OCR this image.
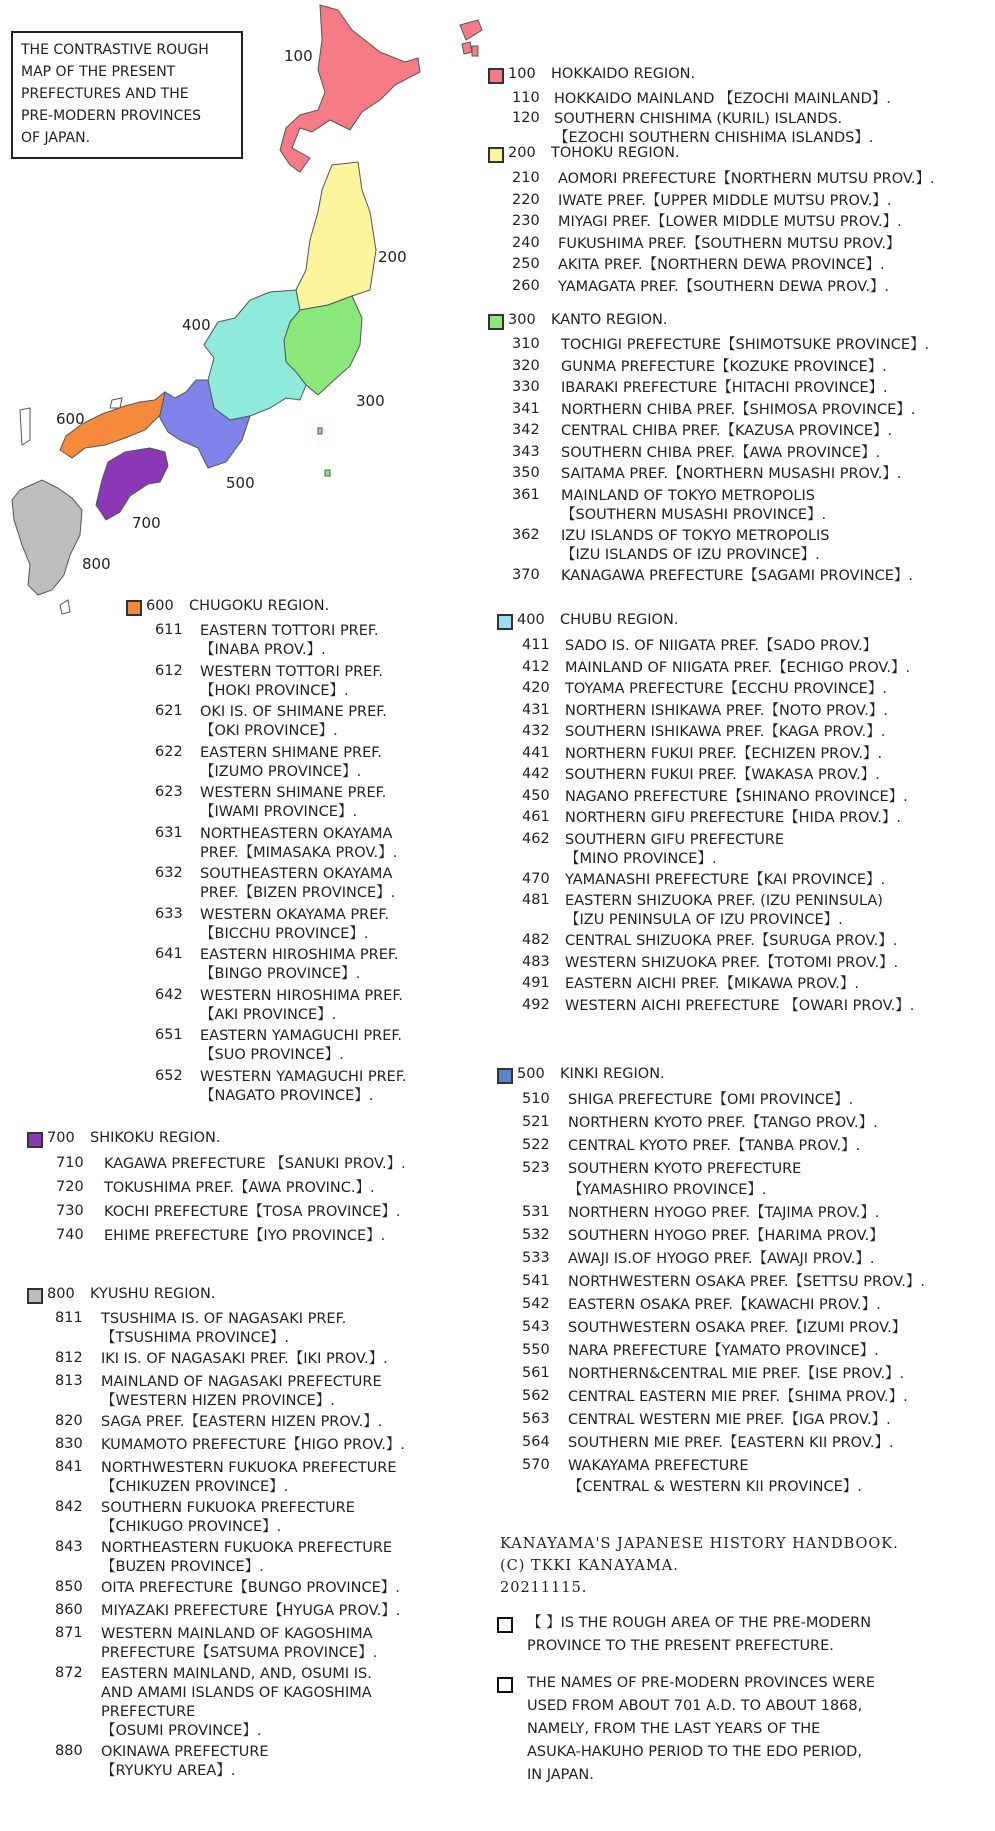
100
200
300
400
500
600
700
800
THE CONTRASTIVE ROUGH
MAP OF THE PRESENT
PREFECTURES AND THE
PRE-MODERN PROVINCES
OF JAPAN.
100 HOKKAIDO REGION.
110 HOKKAIDO MAINLAND 【EZOCHI MAINLAND】.
120 SOUTHERN CHISHIMA (KURIL) ISLANDS.
【EZOCHI SOUTHERN CHISHIMA ISLANDS】.
200 TOHOKU REGION.
210 AOMORI PREFECTURE【NORTHERN MUTSU PROV.】.
220 IWATE PREF.【UPPER MIDDLE MUTSU PROV.】.
230 MIYAGI PREF.【LOWER MIDDLE MUTSU PROV.】.
240 FUKUSHIMA PREF.【SOUTHERN MUTSU PROV.】
250 AKITA PREF.【NORTHERN DEWA PROVINCE】.
260 YAMAGATA PREF.【SOUTHERN DEWA PROV.】.
300 KANTO REGION.
310 TOCHIGI PREFECTURE【SHIMOTSUKE PROVINCE】.
320 GUNMA PREFECTURE【KOZUKE PROVINCE】.
330 IBARAKI PREFECTURE【HITACHI PROVINCE】.
341 NORTHERN CHIBA PREF.【SHIMOSA PROVINCE】.
342 CENTRAL CHIBA PREF.【KAZUSA PROVINCE】.
343 SOUTHERN CHIBA PREF.【AWA PROVINCE】.
350 SAITAMA PREF.【NORTHERN MUSASHI PROV.】.
361 MAINLAND OF TOKYO METROPOLIS
【SOUTHERN MUSASHI PROVINCE】.
362 IZU ISLANDS OF TOKYO METROPOLIS
【IZU ISLANDS OF IZU PROVINCE】.
370 KANAGAWA PREFECTURE【SAGAMI PROVINCE】.
400 CHUBU REGION.
411 SADO IS. OF NIIGATA PREF.【SADO PROV.】
412 MAINLAND OF NIIGATA PREF.【ECHIGO PROV.】.
420 TOYAMA PREFECTURE【ECCHU PROVINCE】.
431 NORTHERN ISHIKAWA PREF.【NOTO PROV.】.
432 SOUTHERN ISHIKAWA PREF.【KAGA PROV.】.
441 NORTHERN FUKUI PREF.【ECHIZEN PROV.】.
442 SOUTHERN FUKUI PREF.【WAKASA PROV.】.
450 NAGANO PREFECTURE【SHINANO PROVINCE】.
461 NORTHERN GIFU PREFECTURE【HIDA PROV.】.
462 SOUTHERN GIFU PREFECTURE
【MINO PROVINCE】.
470 YAMANASHI PREFECTURE【KAI PROVINCE】.
481 EASTERN SHIZUOKA PREF. (IZU PENINSULA)
【IZU PENINSULA OF IZU PROVINCE】.
482 CENTRAL SHIZUOKA PREF.【SURUGA PROV.】.
483 WESTERN SHIZUOKA PREF.【TOTOMI PROV.】.
491 EASTERN AICHI PREF.【MIKAWA PROV.】.
492 WESTERN AICHI PREFECTURE 【OWARI PROV.】.
500 KINKI REGION.
510 SHIGA PREFECTURE【OMI PROVINCE】.
521 NORTHERN KYOTO PREF.【TANGO PROV.】.
522 CENTRAL KYOTO PREF.【TANBA PROV.】.
523 SOUTHERN KYOTO PREFECTURE
【YAMASHIRO PROVINCE】.
531 NORTHERN HYOGO PREF.【TAJIMA PROV.】.
532 SOUTHERN HYOGO PREF.【HARIMA PROV.】
533 AWAJI IS.OF HYOGO PREF.【AWAJI PROV.】.
541 NORTHWESTERN OSAKA PREF.【SETTSU PROV.】.
542 EASTERN OSAKA PREF.【KAWACHI PROV.】.
543 SOUTHWESTERN OSAKA PREF.【IZUMI PROV.】
550 NARA PREFECTURE【YAMATO PROVINCE】.
561 NORTHERN&CENTRAL MIE PREF.【ISE PROV.】.
562 CENTRAL EASTERN MIE PREF.【SHIMA PROV.】.
563 CENTRAL WESTERN MIE PREF.【IGA PROV.】.
564 SOUTHERN MIE PREF.【EASTERN KII PROV.】.
570 WAKAYAMA PREFECTURE
【CENTRAL & WESTERN KII PROVINCE】.
600 CHUGOKU REGION.
611 EASTERN TOTTORI PREF.
【INABA PROV.】.
612 WESTERN TOTTORI PREF.
【HOKI PROVINCE】.
621 OKI IS. OF SHIMANE PREF.
【OKI PROVINCE】.
622 EASTERN SHIMANE PREF.
【IZUMO PROVINCE】.
623 WESTERN SHIMANE PREF.
【IWAMI PROVINCE】.
631 NORTHEASTERN OKAYAMA
PREF.【MIMASAKA PROV.】.
632 SOUTHEASTERN OKAYAMA
PREF.【BIZEN PROVINCE】.
633 WESTERN OKAYAMA PREF.
【BICCHU PROVINCE】.
641 EASTERN HIROSHIMA PREF.
【BINGO PROVINCE】.
642 WESTERN HIROSHIMA PREF.
【AKI PROVINCE】.
651 EASTERN YAMAGUCHI PREF.
【SUO PROVINCE】.
652 WESTERN YAMAGUCHI PREF.
【NAGATO PROVINCE】.
700 SHIKOKU REGION.
710 KAGAWA PREFECTURE 【SANUKI PROV.】.
720 TOKUSHIMA PREF.【AWA PROVINC.】.
730 KOCHI PREFECTURE【TOSA PROVINCE】.
740 EHIME PREFECTURE【IYO PROVINCE】.
800 KYUSHU REGION.
811 TSUSHIMA IS. OF NAGASAKI PREF.
【TSUSHIMA PROVINCE】.
812 IKI IS. OF NAGASAKI PREF.【IKI PROV.】.
813 MAINLAND OF NAGASAKI PREFECTURE
【WESTERN HIZEN PROVINCE】.
820 SAGA PREF.【EASTERN HIZEN PROV.】.
830 KUMAMOTO PREFECTURE【HIGO PROV.】.
841 NORTHWESTERN FUKUOKA PREFECTURE
【CHIKUZEN PROVINCE】.
842 SOUTHERN FUKUOKA PREFECTURE
【CHIKUGO PROVINCE】.
843 NORTHEASTERN FUKUOKA PREFECTURE
【BUZEN PROVINCE】.
850 OITA PREFECTURE【BUNGO PROVINCE】.
860 MIYAZAKI PREFECTURE【HYUGA PROV.】.
871 WESTERN MAINLAND OF KAGOSHIMA
PREFECTURE【SATSUMA PROVINCE】.
872 EASTERN MAINLAND, AND, OSUMI IS.
AND AMAMI ISLANDS OF KAGOSHIMA
PREFECTURE
【OSUMI PROVINCE】.
880 OKINAWA PREFECTURE
【RYUKYU AREA】.
KANAYAMA'S JAPANESE HISTORY HANDBOOK.
(C) TKKI KANAYAMA.
20211115.
【 】IS THE ROUGH AREA OF THE PRE-MODERN
PROVINCE TO THE PRESENT PREFECTURE.
THE NAMES OF PRE-MODERN PROVINCES WERE
USED FROM ABOUT 701 A.D. TO ABOUT 1868,
NAMELY, FROM THE LAST YEARS OF THE
ASUKA-HAKUHO PERIOD TO THE EDO PERIOD,
IN JAPAN.
